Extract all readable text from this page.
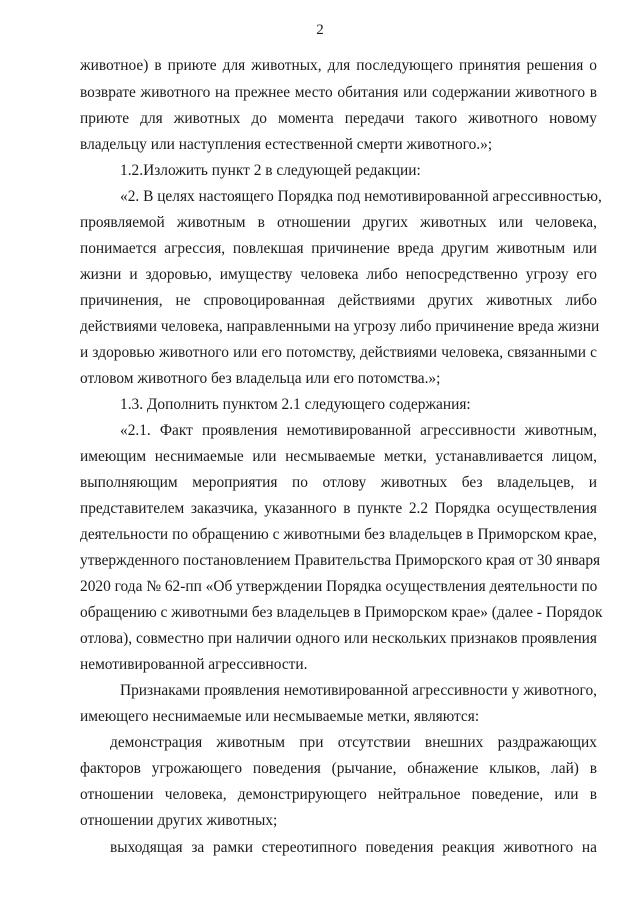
2
животное) в приюте для животных, для последующего принятия решения о
возврате животного на прежнее место обитания или содержании животного в
приюте для животных до момента передачи такого животного новому
владельцу или наступления естественной смерти животного.»;
1.2.Изложить пункт 2 в следующей редакции:
«2. В целях настоящего Порядка под немотивированной агрессивностью,
проявляемой животным в отношении других животных или человека,
понимается агрессия, повлекшая причинение вреда другим животным или
жизни и здоровью, имуществу человека либо непосредственно угрозу его
причинения, не спровоцированная действиями других животных либо
действиями человека, направленными на угрозу либо причинение вреда жизни
и здоровью животного или его потомству, действиями человека, связанными с
отловом животного без владельца или его потомства.»;
1.3. Дополнить пунктом 2.1 следующего содержания:
«2.1. Факт проявления немотивированной агрессивности животным,
имеющим неснимаемые или несмываемые метки, устанавливается лицом,
выполняющим мероприятия по отлову животных без владельцев, и
представителем заказчика, указанного в пункте 2.2 Порядка осуществления
деятельности по обращению с животными без владельцев в Приморском крае,
утвержденного постановлением Правительства Приморского края от 30 января
2020 года № 62-пп «Об утверждении Порядка осуществления деятельности по
обращению с животными без владельцев в Приморском крае» (далее - Порядок
отлова), совместно при наличии одного или нескольких признаков проявления
немотивированной агрессивности.
Признаками проявления немотивированной агрессивности у животного,
имеющего неснимаемые или несмываемые метки, являются:
демонстрация животным при отсутствии внешних раздражающих
факторов угрожающего поведения (рычание, обнажение клыков, лай) в
отношении человека, демонстрирующего нейтральное поведение, или в
отношении других животных;
выходящая за рамки стереотипного поведения реакция животного на
